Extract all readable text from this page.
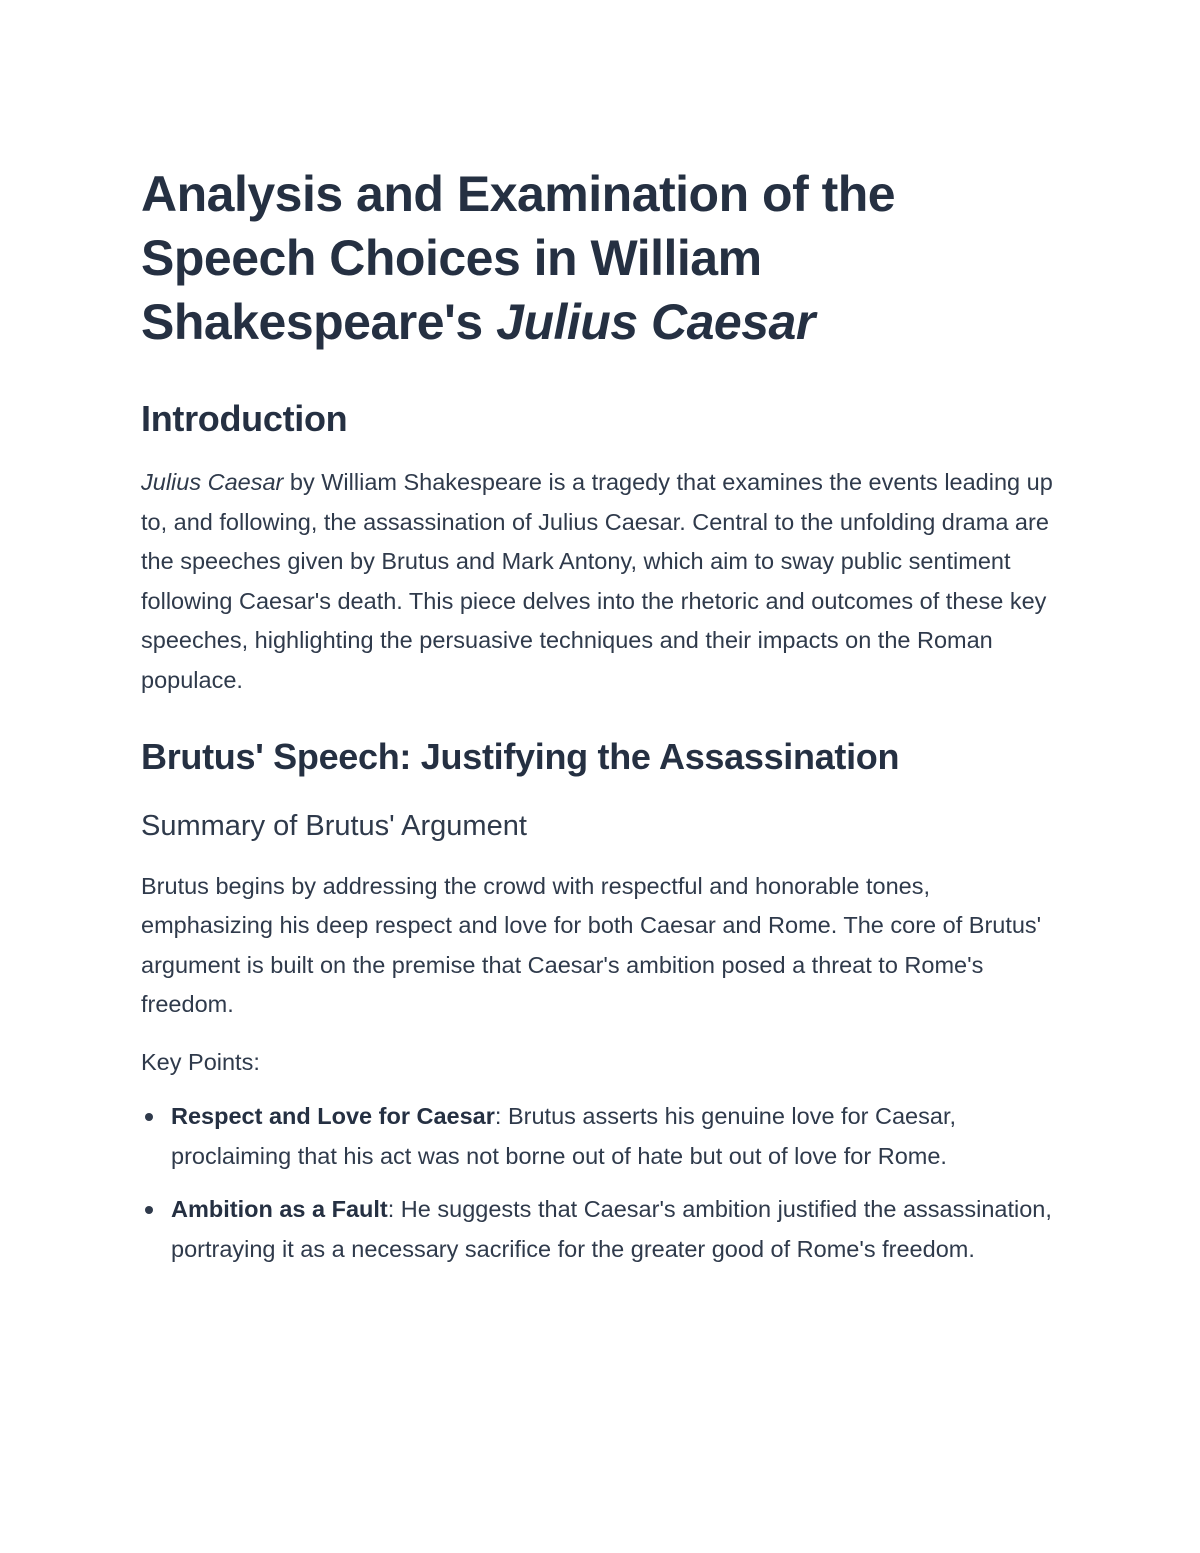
Analysis and Examination of the
Speech Choices in William
Shakespeare's Julius Caesar
Introduction

Julius Caesar by William Shakespeare is a tragedy that examines the events leading up to, and following, the assassination of Julius Caesar. Central to the unfolding drama are the speeches given by Brutus and Mark Antony, which aim to sway public sentiment following Caesar's death. This piece delves into the rhetoric and outcomes of these key speeches, highlighting the persuasive techniques and their impacts on the Roman populace.

Brutus' Speech: Justifying the Assassination
Summary of Brutus' Argument

Brutus begins by addressing the crowd with respectful and honorable tones, emphasizing his deep respect and love for both Caesar and Rome. The core of Brutus' argument is built on the premise that Caesar's ambition posed a threat to Rome's freedom.

Key Points:
Respect and Love for Caesar: Brutus asserts his genuine love for Caesar, proclaiming that his act was not borne out of hate but out of love for Rome.
Ambition as a Fault: He suggests that Caesar's ambition justified the assassination, portraying it as a necessary sacrifice for the greater good of Rome's freedom.
